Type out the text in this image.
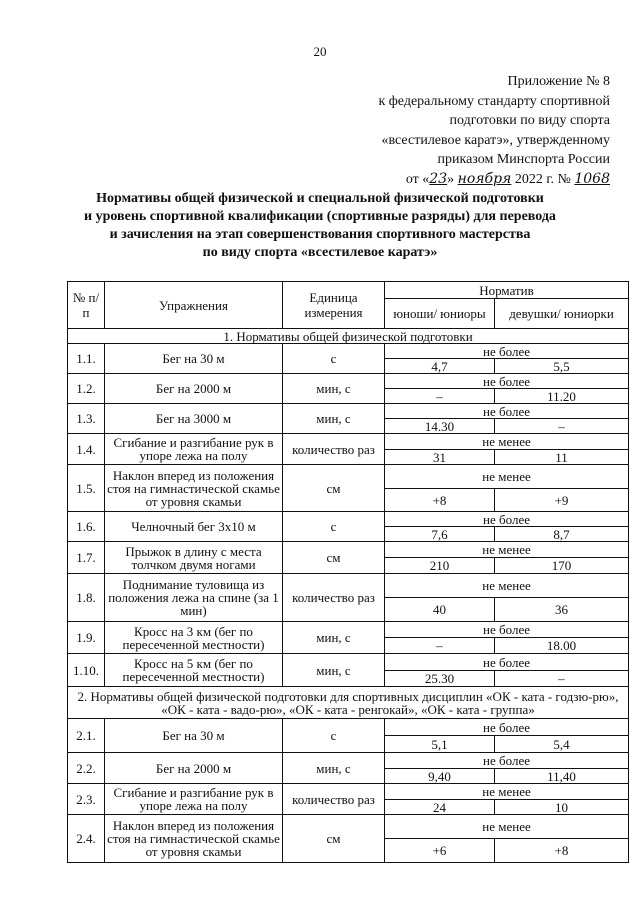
20
Приложение № 8
к федеральному стандарту спортивной
подготовки по виду спорта
«всестилевое каратэ», утвержденному
приказом Минспорта России
от «23» ноября 2022 г. № 1068
Нормативы общей физической и специальной физической подготовки
и уровень спортивной квалификации (спортивные разряды) для перевода
и зачисления на этап совершенствования спортивного мастерства
по виду спорта «всестилевое каратэ»
№ п/п	Упражнения	Единица измерения	Норматив	
			юноши/ юниоры	девушки/ юниорки
1. Нормативы общей физической подготовки				
1.1.	Бег на 30 м	с	не более	
			4,7	5,5
1.2.	Бег на 2000 м	мин, с	не более	
			–	11.20
1.3.	Бег на 3000 м	мин, с	не более	
			14.30	–
1.4.	Сгибание и разгибание рук в упоре лежа на полу	количество раз	не менее	
			31	11
1.5.	Наклон вперед из положения стоя на гимнастической скамье от уровня скамьи	см	не менее	
			+8	+9
1.6.	Челночный бег 3x10 м	с	не более	
			7,6	8,7
1.7.	Прыжок в длину с места толчком двумя ногами	см	не менее	
			210	170
1.8.	Поднимание туловища из положения лежа на спине (за 1 мин)	количество раз	не менее	
			40	36
1.9.	Кросс на 3 км (бег по пересеченной местности)	мин, с	не более	
			–	18.00
1.10.	Кросс на 5 км (бег по пересеченной местности)	мин, с	не более	
			25.30	–
2. Нормативы общей физической подготовки для спортивных дисциплин «ОК - ката - годзю-рю», «ОК - ката - вадо-рю», «ОК - ката - ренгокай», «ОК - ката - группа»				
2.1.	Бег на 30 м	с	не более	
			5,1	5,4
2.2.	Бег на 2000 м	мин, с	не более	
			9,40	11,40
2.3.	Сгибание и разгибание рук в упоре лежа на полу	количество раз	не менее	
			24	10
2.4.	Наклон вперед из положения стоя на гимнастической скамье от уровня скамьи	см	не менее	
			+6	+8
